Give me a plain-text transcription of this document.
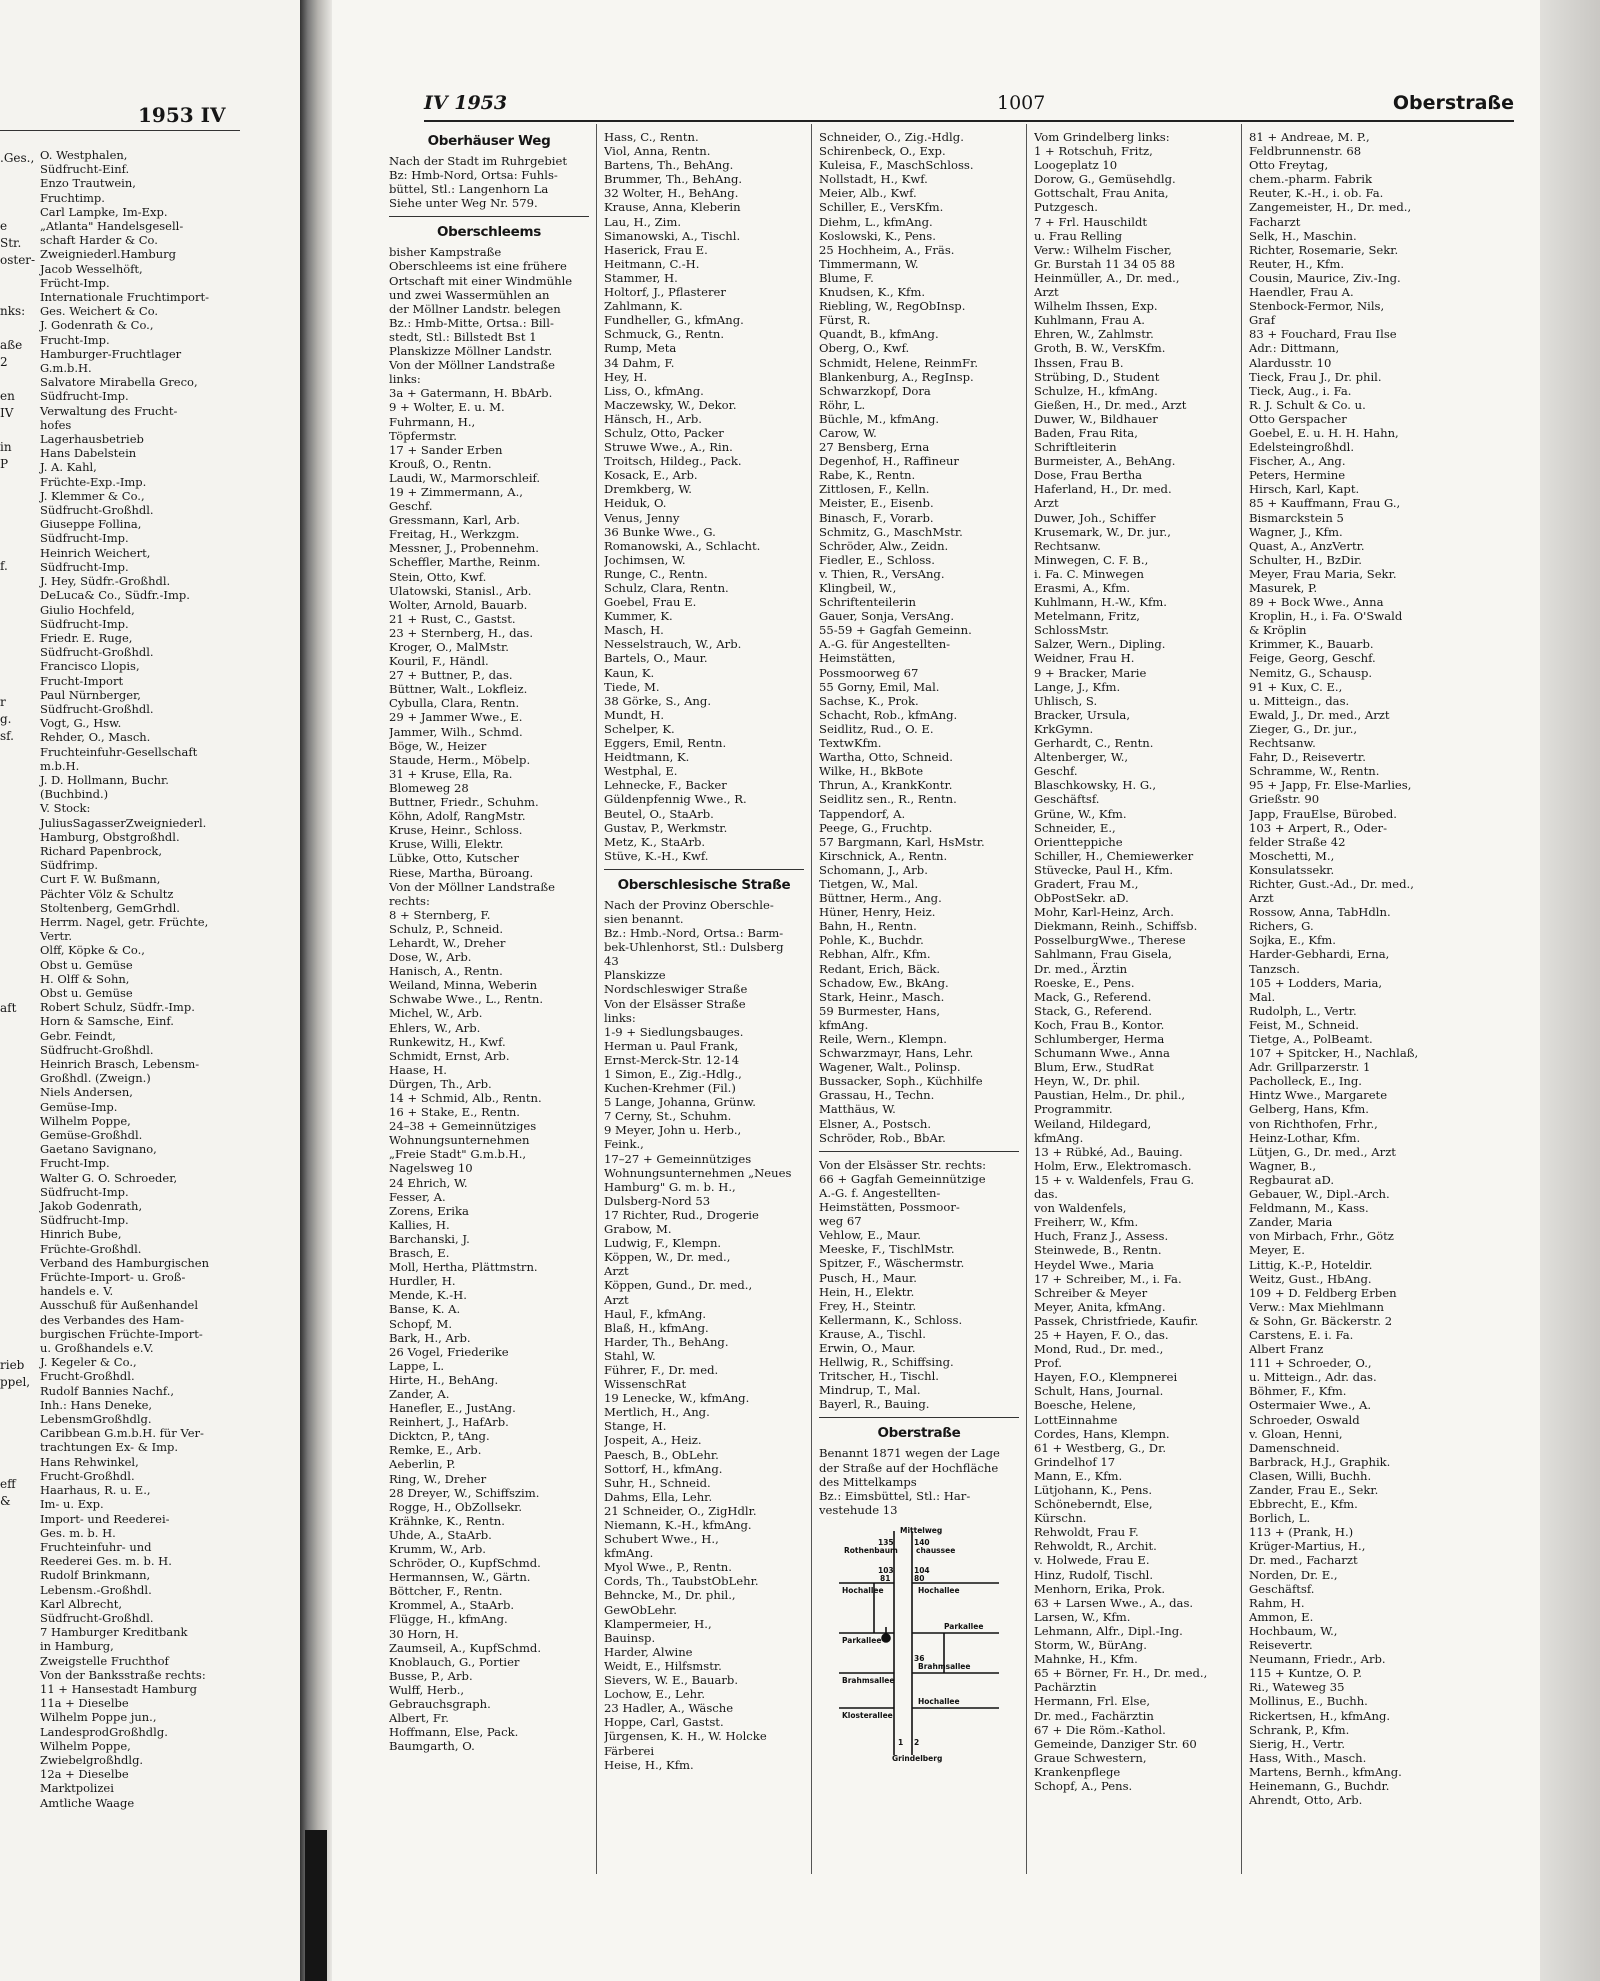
1953 IV
.Ges.,
e Str.
oster-
nks:
aße 2
en
IV
in
P
f.
r
g.
sf.
aft
rieb
ppel,
eff &
O. Westphalen,
Südfrucht-Einf.
Enzo Trautwein,
Fruchtimp.
Carl Lampke, Im-Exp.
„Atlanta" Handelsgesell-
schaft Harder & Co.
Zweigniederl.Hamburg
Jacob Wesselhöft,
Frücht-Imp.
Internationale Fruchtimport-
Ges. Weichert & Co.
J. Godenrath & Co.,
Frucht-Imp.
Hamburger-Fruchtlager
G.m.b.H.
Salvatore Mirabella Greco,
Südfrucht-Imp.
Verwaltung des Frucht-
hofes
Lagerhausbetrieb
Hans Dabelstein
J. A. Kahl,
Früchte-Exp.-Imp.
J. Klemmer & Co.,
Südfrucht-Großhdl.
Giuseppe Follina,
Südfrucht-Imp.
Heinrich Weichert,
Südfrucht-Imp.
J. Hey, Südfr.-Großhdl.
DeLuca& Co., Südfr.-Imp.
Giulio Hochfeld,
Südfrucht-Imp.
Friedr. E. Ruge,
Südfrucht-Großhdl.
Francisco Llopis,
Frucht-Import
Paul Nürnberger,
Südfrucht-Großhdl.
Vogt, G., Hsw.
Rehder, O., Masch.
Fruchteinfuhr-Gesellschaft
m.b.H.
J. D. Hollmann, Buchr.
(Buchbind.)
V. Stock:
JuliusSagasserZweigniederl.
Hamburg, Obstgroßhdl.
Richard Papenbrock,
Südfrimp.
Curt F. W. Bußmann,
Pächter Völz & Schultz
Stoltenberg, GemGrhdl.
Herrm. Nagel, getr. Früchte,
Vertr.
Olff, Köpke & Co.,
Obst u. Gemüse
H. Olff & Sohn,
Obst u. Gemüse
Robert Schulz, Südfr.-Imp.
Horn & Samsche, Einf.
Gebr. Feindt,
Südfrucht-Großhdl.
Heinrich Brasch, Lebensm-
Großhdl. (Zweign.)
Niels Andersen,
Gemüse-Imp.
Wilhelm Poppe,
Gemüse-Großhdl.
Gaetano Savignano,
Frucht-Imp.
Walter G. O. Schroeder,
Südfrucht-Imp.
Jakob Godenrath,
Südfrucht-Imp.
Hinrich Bube,
Früchte-Großhdl.
Verband des Hamburgischen
Früchte-Import- u. Groß-
handels e. V.
Ausschuß für Außenhandel
des Verbandes des Ham-
burgischen Früchte-Import-
u. Großhandels e.V.
J. Kegeler & Co.,
Frucht-Großhdl.
Rudolf Bannies Nachf.,
Inh.: Hans Deneke,
LebensmGroßhdlg.
Caribbean G.m.b.H. für Ver-
trachtungen Ex- & Imp.
Hans Rehwinkel,
Frucht-Großhdl.
Haarhaus, R. u. E.,
Im- u. Exp.
Import- und Reederei-
Ges. m. b. H.
Fruchteinfuhr- und
Reederei Ges. m. b. H.
Rudolf Brinkmann,
Lebensm.-Großhdl.
Karl Albrecht,
Südfrucht-Großhdl.
7 Hamburger Kreditbank
in Hamburg,
Zweigstelle Fruchthof
Von der Banksstraße rechts:
11 + Hansestadt Hamburg
11a + Dieselbe
Wilhelm Poppe jun.,
LandesprodGroßhdlg.
Wilhelm Poppe,
Zwiebelgroßhdlg.
12a + Dieselbe
Marktpolizei
Amtliche Waage
IV 1953	1007	Oberstraße
Oberhäuser Weg
Nach der Stadt im Ruhrgebiet
Bz: Hmb-Nord, Ortsa: Fuhls-
büttel, Stl.: Langenhorn La
Siehe unter Weg Nr. 579.
Oberschleems
bisher Kampstraße
Oberschleems ist eine frühere
Ortschaft mit einer Windmühle
und zwei Wassermühlen an
der Möllner Landstr. belegen
Bz.: Hmb-Mitte, Ortsa.: Bill-
stedt, Stl.: Billstedt Bst 1
Planskizze Möllner Landstr.
Von der Möllner Landstraße
links:
3a + Gatermann, H. BbArb.
9 + Wolter, E. u. M.
Fuhrmann, H.,
Töpfermstr.
17 + Sander Erben
Krouß, O., Rentn.
Laudi, W., Marmorschleif.
19 + Zimmermann, A.,
Geschf.
Gressmann, Karl, Arb.
Freitag, H., Werkzgm.
Messner, J., Probennehm.
Scheffler, Marthe, Reinm.
Stein, Otto, Kwf.
Ulatowski, Stanisl., Arb.
Wolter, Arnold, Bauarb.
21 + Rust, C., Gastst.
23 + Sternberg, H., das.
Kroger, O., MalMstr.
Kouril, F., Händl.
27 + Buttner, P., das.
Büttner, Walt., Lokfleiz.
Cybulla, Clara, Rentn.
29 + Jammer Wwe., E.
Jammer, Wilh., Schmd.
Böge, W., Heizer
Staude, Herm., Möbelp.
31 + Kruse, Ella, Ra.
Blomeweg 28
Buttner, Friedr., Schuhm.
Köhn, Adolf, RangMstr.
Kruse, Heinr., Schloss.
Kruse, Willi, Elektr.
Lübke, Otto, Kutscher
Riese, Martha, Büroang.
Von der Möllner Landstraße
rechts:
8 + Sternberg, F.
Schulz, P., Schneid.
Lehardt, W., Dreher
Dose, W., Arb.
Hanisch, A., Rentn.
Weiland, Minna, Weberin
Schwabe Wwe., L., Rentn.
Michel, W., Arb.
Ehlers, W., Arb.
Runkewitz, H., Kwf.
Schmidt, Ernst, Arb.
Haase, H.
Dürgen, Th., Arb.
14 + Schmid, Alb., Rentn.
16 + Stake, E., Rentn.
24–38 + Gemeinnütziges
Wohnungsunternehmen
„Freie Stadt" G.m.b.H.,
Nagelsweg 10
24 Ehrich, W.
Fesser, A.
Zorens, Erika
Kallies, H.
Barchanski, J.
Brasch, E.
Moll, Hertha, Plättmstrn.
Hurdler, H.
Mende, K.-H.
Banse, K. A.
Schopf, M.
Bark, H., Arb.
26 Vogel, Friederike
Lappe, L.
Hirte, H., BehAng.
Zander, A.
Hanefler, E., JustAng.
Reinhert, J., HafArb.
Dicktcn, P., tAng.
Remke, E., Arb.
Aeberlin, P.
Ring, W., Dreher
28 Dreyer, W., Schiffszim.
Rogge, H., ObZollsekr.
Krähnke, K., Rentn.
Uhde, A., StaArb.
Krumm, W., Arb.
Schröder, O., KupfSchmd.
Hermannsen, W., Gärtn.
Böttcher, F., Rentn.
Krommel, A., StaArb.
Flügge, H., kfmAng.
30 Horn, H.
Zaumseil, A., KupfSchmd.
Knoblauch, G., Portier
Busse, P., Arb.
Wulff, Herb.,
Gebrauchsgraph.
Albert, Fr.
Hoffmann, Else, Pack.
Baumgarth, O.
Hass, C., Rentn.
Viol, Anna, Rentn.
Bartens, Th., BehAng.
Brummer, Th., BehAng.
32 Wolter, H., BehAng.
Krause, Anna, Kleberin
Lau, H., Zim.
Simanowski, A., Tischl.
Haserick, Frau E.
Heitmann, C.-H.
Stammer, H.
Holtorf, J., Pflasterer
Zahlmann, K.
Fundheller, G., kfmAng.
Schmuck, G., Rentn.
Rump, Meta
34 Dahm, F.
Hey, H.
Liss, O., kfmAng.
Maczewsky, W., Dekor.
Hänsch, H., Arb.
Schulz, Otto, Packer
Struwe Wwe., A., Rin.
Troitsch, Hildeg., Pack.
Kosack, E., Arb.
Dremkberg, W.
Heiduk, O.
Venus, Jenny
36 Bunke Wwe., G.
Romanowski, A., Schlacht.
Jochimsen, W.
Runge, C., Rentn.
Schulz, Clara, Rentn.
Goebel, Frau E.
Kummer, K.
Masch, H.
Nesselstrauch, W., Arb.
Bartels, O., Maur.
Kaun, K.
Tiede, M.
38 Görke, S., Ang.
Mundt, H.
Schelper, K.
Eggers, Emil, Rentn.
Heidtmann, K.
Westphal, E.
Lehnecke, F., Backer
Güldenpfennig Wwe., R.
Beutel, O., StaArb.
Gustav, P., Werkmstr.
Metz, K., StaArb.
Stüve, K.-H., Kwf.
Oberschlesische Straße
Nach der Provinz Oberschle-
sien benannt.
Bz.: Hmb.-Nord, Ortsa.: Barm-
bek-Uhlenhorst, Stl.: Dulsberg
43
Planskizze
Nordschleswiger Straße
Von der Elsässer Straße
links:
1-9 + Siedlungsbauges.
Herman u. Paul Frank,
Ernst-Merck-Str. 12-14
1 Simon, E., Zig.-Hdlg.,
Kuchen-Krehmer (Fil.)
5 Lange, Johanna, Grünw.
7 Cerny, St., Schuhm.
9 Meyer, John u. Herb.,
Feink.,
17–27 + Gemeinnütziges
Wohnungsunternehmen „Neues
Hamburg" G. m. b. H.,
Dulsberg-Nord 53
17 Richter, Rud., Drogerie
Grabow, M.
Ludwig, F., Klempn.
Köppen, W., Dr. med.,
Arzt
Köppen, Gund., Dr. med.,
Arzt
Haul, F., kfmAng.
Blaß, H., kfmAng.
Harder, Th., BehAng.
Stahl, W.
Führer, F., Dr. med.
WissenschRat
19 Lenecke, W., kfmAng.
Mertlich, H., Ang.
Stange, H.
Jospeit, A., Heiz.
Paesch, B., ObLehr.
Sottorf, H., kfmAng.
Suhr, H., Schneid.
Dahms, Ella, Lehr.
21 Schneider, O., ZigHdlr.
Niemann, K.-H., kfmAng.
Schubert Wwe., H.,
kfmAng.
Myol Wwe., P., Rentn.
Cords, Th., TaubstObLehr.
Behncke, M., Dr. phil.,
GewObLehr.
Klampermeier, H.,
Bauinsp.
Harder, Alwine
Weidt, E., Hilfsmstr.
Sievers, W. E., Bauarb.
Lochow, E., Lehr.
23 Hadler, A., Wäsche
Hoppe, Carl, Gastst.
Jürgensen, K. H., W. Holcke
Färberei
Heise, H., Kfm.
Schneider, O., Zig.-Hdlg.
Schirenbeck, O., Exp.
Kuleisa, F., MaschSchloss.
Nollstadt, H., Kwf.
Meier, Alb., Kwf.
Schiller, E., VersKfm.
Diehm, L., kfmAng.
Koslowski, K., Pens.
25 Hochheim, A., Fräs.
Timmermann, W.
Blume, F.
Knudsen, K., Kfm.
Riebling, W., RegObInsp.
Fürst, R.
Quandt, B., kfmAng.
Oberg, O., Kwf.
Schmidt, Helene, ReinmFr.
Blankenburg, A., RegInsp.
Schwarzkopf, Dora
Röhr, L.
Büchle, M., kfmAng.
Carow, W.
27 Bensberg, Erna
Degenhof, H., Raffineur
Rabe, K., Rentn.
Zittlosen, F., Kelln.
Meister, E., Eisenb.
Binasch, F., Vorarb.
Schmitz, G., MaschMstr.
Schröder, Alw., Zeidn.
Fiedler, E., Schloss.
v. Thien, R., VersAng.
Klingbeil, W.,
Schriftenteilerin
Gauer, Sonja, VersAng.
55-59 + Gagfah Gemeinn.
A.-G. für Angestellten-
Heimstätten,
Possmoorweg 67
55 Gorny, Emil, Mal.
Sachse, K., Prok.
Schacht, Rob., kfmAng.
Seidlitz, Rud., O. E.
TextwKfm.
Wartha, Otto, Schneid.
Wilke, H., BkBote
Thrun, A., KrankKontr.
Seidlitz sen., R., Rentn.
Tappendorf, A.
Peege, G., Fruchtp.
57 Bargmann, Karl, HsMstr.
Kirschnick, A., Rentn.
Schomann, J., Arb.
Tietgen, W., Mal.
Büttner, Herm., Ang.
Hüner, Henry, Heiz.
Bahn, H., Rentn.
Pohle, K., Buchdr.
Rebhan, Alfr., Kfm.
Redant, Erich, Bäck.
Schadow, Ew., BkAng.
Stark, Heinr., Masch.
59 Burmester, Hans,
kfmAng.
Reile, Wern., Klempn.
Schwarzmayr, Hans, Lehr.
Wagener, Walt., Polinsp.
Bussacker, Soph., Küchhilfe
Grassau, H., Techn.
Matthäus, W.
Elsner, A., Postsch.
Schröder, Rob., BbAr.
Von der Elsässer Str. rechts:
66 + Gagfah Gemeinnützige
A.-G. f. Angestellten-
Heimstätten, Possmoor-
weg 67
Vehlow, E., Maur.
Meeske, F., TischlMstr.
Spitzer, F., Wäschermstr.
Pusch, H., Maur.
Hein, H., Elektr.
Frey, H., Steintr.
Kellermann, K., Schloss.
Krause, A., Tischl.
Erwin, O., Maur.
Hellwig, R., Schiffsing.
Tritscher, H., Tischl.
Mindrup, T., Mal.
Bayerl, R., Bauing.
Oberstraße
Benannt 1871 wegen der Lage
der Straße auf der Hochfläche
des Mittelkamps
Bz.: Eimsbüttel, Stl.: Har-
vestehude 13
Mittelweg
Rothenbaum chaussee
135	140
103	104
Hochallee	Hochallee
81	80
Parkallee
Parkallee
36
Brahmsallee
Brahmsallee
Klosterallee
Hochallee
1 2
Grindelberg
Vom Grindelberg links:
1 + Rotschuh, Fritz,
Loogeplatz 10
Dorow, G., Gemüsehdlg.
Gottschalt, Frau Anita,
Putzgesch.
7 + Frl. Hauschildt
u. Frau Relling
Verw.: Wilhelm Fischer,
Gr. Burstah 11 34 05 88
Heinmüller, A., Dr. med.,
Arzt
Wilhelm Ihssen, Exp.
Kuhlmann, Frau A.
Ehren, W., Zahlmstr.
Groth, B. W., VersKfm.
Ihssen, Frau B.
Strübing, D., Student
Schulze, H., kfmAng.
Gießen, H., Dr. med., Arzt
Duwer, W., Bildhauer
Baden, Frau Rita,
Schriftleiterin
Burmeister, A., BehAng.
Dose, Frau Bertha
Haferland, H., Dr. med.
Arzt
Duwer, Joh., Schiffer
Krusemark, W., Dr. jur.,
Rechtsanw.
Minwegen, C. F. B.,
i. Fa. C. Minwegen
Erasmi, A., Kfm.
Kuhlmann, H.-W., Kfm.
Metelmann, Fritz,
SchlossMstr.
Salzer, Wern., Dipling.
Weidner, Frau H.
9 + Bracker, Marie
Lange, J., Kfm.
Uhlisch, S.
Bracker, Ursula,
KrkGymn.
Gerhardt, C., Rentn.
Altenberger, W.,
Geschf.
Blaschkowsky, H. G.,
Geschäftsf.
Grüne, W., Kfm.
Schneider, E.,
Orientteppiche
Schiller, H., Chemiewerker
Stüvecke, Paul H., Kfm.
Gradert, Frau M.,
ObPostSekr. aD.
Mohr, Karl-Heinz, Arch.
Diekmann, Reinh., Schiffsb.
PosselburgWwe., Therese
Sahlmann, Frau Gisela,
Dr. med., Ärztin
Roeske, E., Pens.
Mack, G., Referend.
Stack, G., Referend.
Koch, Frau B., Kontor.
Schlumberger, Herma
Schumann Wwe., Anna
Blum, Erw., StudRat
Heyn, W., Dr. phil.
Paustian, Helm., Dr. phil.,
Programmitr.
Weiland, Hildegard,
kfmAng.
13 + Rübké, Ad., Bauing.
Holm, Erw., Elektromasch.
15 + v. Waldenfels, Frau G.
das.
von Waldenfels,
Freiherr, W., Kfm.
Huch, Franz J., Assess.
Steinwede, B., Rentn.
Heydel Wwe., Maria
17 + Schreiber, M., i. Fa.
Schreiber & Meyer
Meyer, Anita, kfmAng.
Passek, Christfriede, Kaufir.
25 + Hayen, F. O., das.
Mond, Rud., Dr. med.,
Prof.
Hayen, F.O., Klempnerei
Schult, Hans, Journal.
Boesche, Helene,
LottEinnahme
Cordes, Hans, Klempn.
61 + Westberg, G., Dr.
Grindelhof 17
Mann, E., Kfm.
Lütjohann, K., Pens.
Schöneberndt, Else,
Kürschn.
Rehwoldt, Frau F.
Rehwoldt, R., Archit.
v. Holwede, Frau E.
Hinz, Rudolf, Tischl.
Menhorn, Erika, Prok.
63 + Larsen Wwe., A., das.
Larsen, W., Kfm.
Lehmann, Alfr., Dipl.-Ing.
Storm, W., BürAng.
Mahnke, H., Kfm.
65 + Börner, Fr. H., Dr. med.,
Pachärztin
Hermann, Frl. Else,
Dr. med., Fachärztin
67 + Die Röm.-Kathol.
Gemeinde, Danziger Str. 60
Graue Schwestern,
Krankenpflege
Schopf, A., Pens.
81 + Andreae, M. P.,
Feldbrunnenstr. 68
Otto Freytag,
chem.-pharm. Fabrik
Reuter, K.-H., i. ob. Fa.
Zangemeister, H., Dr. med.,
Facharzt
Selk, H., Maschin.
Richter, Rosemarie, Sekr.
Reuter, H., Kfm.
Cousin, Maurice, Ziv.-Ing.
Haendler, Frau A.
Stenbock-Fermor, Nils,
Graf
83 + Fouchard, Frau Ilse
Adr.: Dittmann,
Alardusstr. 10
Tieck, Frau J., Dr. phil.
Tieck, Aug., i. Fa.
R. J. Schult & Co. u.
Otto Gerspacher
Goebel, E. u. H. H. Hahn,
Edelsteingroßhdl.
Fischer, A., Ang.
Peters, Hermine
Hirsch, Karl, Kapt.
85 + Kauffmann, Frau G.,
Bismarckstein 5
Wagner, J., Kfm.
Quast, A., AnzVertr.
Schulter, H., BzDir.
Meyer, Frau Maria, Sekr.
Masurek, P.
89 + Bock Wwe., Anna
Kroplin, H., i. Fa. O'Swald
& Kröplin
Krimmer, K., Bauarb.
Feige, Georg, Geschf.
Nemitz, G., Schausp.
91 + Kux, C. E.,
u. Mitteign., das.
Ewald, J., Dr. med., Arzt
Zieger, G., Dr. jur.,
Rechtsanw.
Fahr, D., Reisevertr.
Schramme, W., Rentn.
95 + Japp, Fr. Else-Marlies,
Grießstr. 90
Japp, FrauElse, Bürobed.
103 + Arpert, R., Oder-
felder Straße 42
Moschetti, M.,
Konsulatssekr.
Richter, Gust.-Ad., Dr. med.,
Arzt
Rossow, Anna, TabHdln.
Richers, G.
Sojka, E., Kfm.
Harder-Gebhardi, Erna,
Tanzsch.
105 + Lodders, Maria,
Mal.
Rudolph, L., Vertr.
Feist, M., Schneid.
Tietge, A., PolBeamt.
107 + Spitcker, H., Nachlaß,
Adr. Grillparzerstr. 1
Pacholleck, E., Ing.
Hintz Wwe., Margarete
Gelberg, Hans, Kfm.
von Richthofen, Frhr.,
Heinz-Lothar, Kfm.
Lütjen, G., Dr. med., Arzt
Wagner, B.,
Regbaurat aD.
Gebauer, W., Dipl.-Arch.
Feldmann, M., Kass.
Zander, Maria
von Mirbach, Frhr., Götz
Meyer, E.
Littig, K.-P., Hoteldir.
Weitz, Gust., HbAng.
109 + D. Feldberg Erben
Verw.: Max Miehlmann
& Sohn, Gr. Bäckerstr. 2
Carstens, E. i. Fa.
Albert Franz
111 + Schroeder, O.,
u. Mitteign., Adr. das.
Böhmer, F., Kfm.
Ostermaier Wwe., A.
Schroeder, Oswald
v. Gloan, Henni,
Damenschneid.
Barbrack, H.J., Graphik.
Clasen, Willi, Buchh.
Zander, Frau E., Sekr.
Ebbrecht, E., Kfm.
Borlich, L.
113 + (Prank, H.)
Krüger-Martius, H.,
Dr. med., Facharzt
Norden, Dr. E.,
Geschäftsf.
Rahm, H.
Ammon, E.
Hochbaum, W.,
Reisevertr.
Neumann, Friedr., Arb.
115 + Kuntze, O. P.
Ri., Wateweg 35
Mollinus, E., Buchh.
Rickertsen, H., kfmAng.
Schrank, P., Kfm.
Sierig, H., Vertr.
Hass, With., Masch.
Martens, Bernh., kfmAng.
Heinemann, G., Buchdr.
Ahrendt, Otto, Arb.
